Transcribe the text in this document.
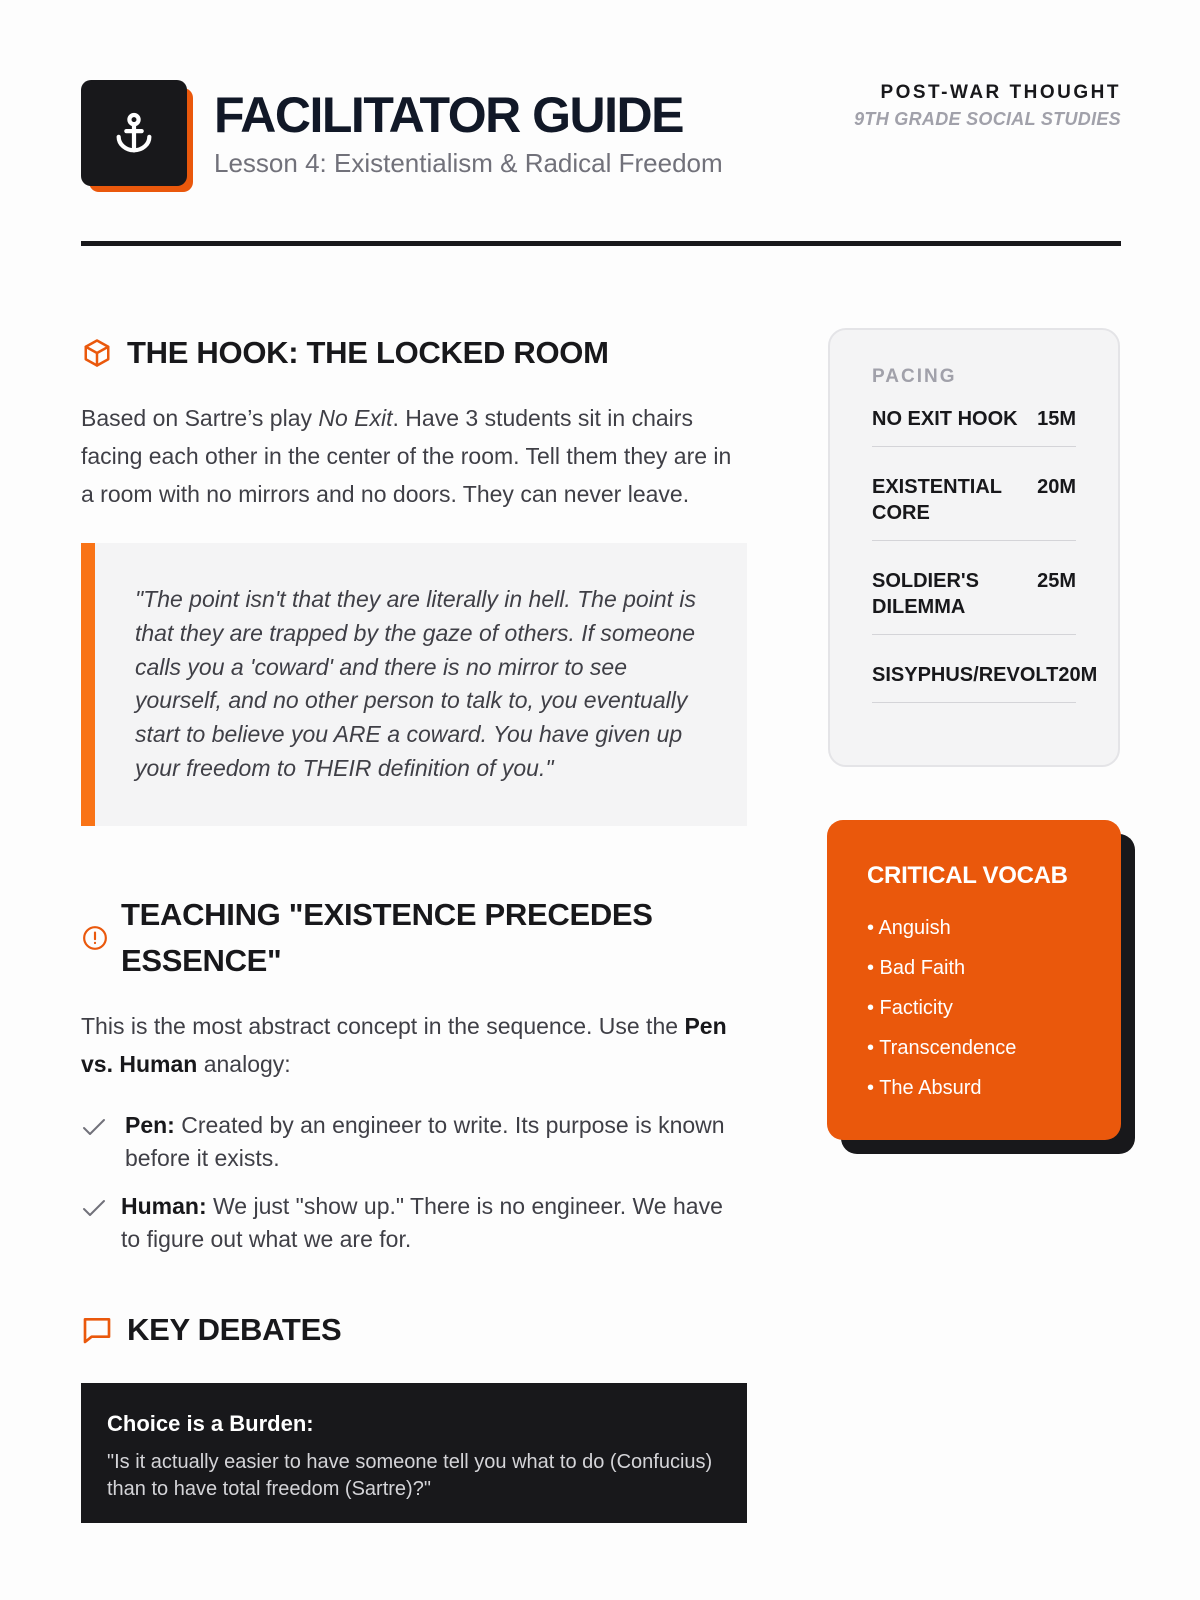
FACILITATOR GUIDE
Lesson 4: Existentialism & Radical Freedom
POST-WAR THOUGHT
9TH GRADE SOCIAL STUDIES
THE HOOK: THE LOCKED ROOM

Based on Sartre’s play No Exit. Have 3 students sit in chairs facing each other in the center of the room. Tell them they are in a room with no mirrors and no doors. They can never leave.

"The point isn't that they are literally in hell. The point is that they are trapped by the gaze of others. If someone calls you a 'coward' and there is no mirror to see yourself, and no other person to talk to, you eventually start to believe you ARE a coward. You have given up your freedom to THEIR definition of you."
TEACHING "EXISTENCE PRECEDES ESSENCE"

This is the most abstract concept in the sequence. Use the Pen vs. Human analogy:

Pen: Created by an engineer to write. Its purpose is known before it exists.
Human: We just "show up." There is no engineer. We have to figure out what we are for.
KEY DEBATES
Choice is a Burden:
"Is it actually easier to have someone tell you what to do (Confucius) than to have total freedom (Sartre)?"
PACING
NO EXIT HOOK 15M
EXISTENTIAL CORE
20M
SOLDIER'S DILEMMA
25M
SISYPHUS/REVOLT 20M
CRITICAL VOCAB
• Anguish
• Bad Faith
• Facticity
• Transcendence
• The Absurd
